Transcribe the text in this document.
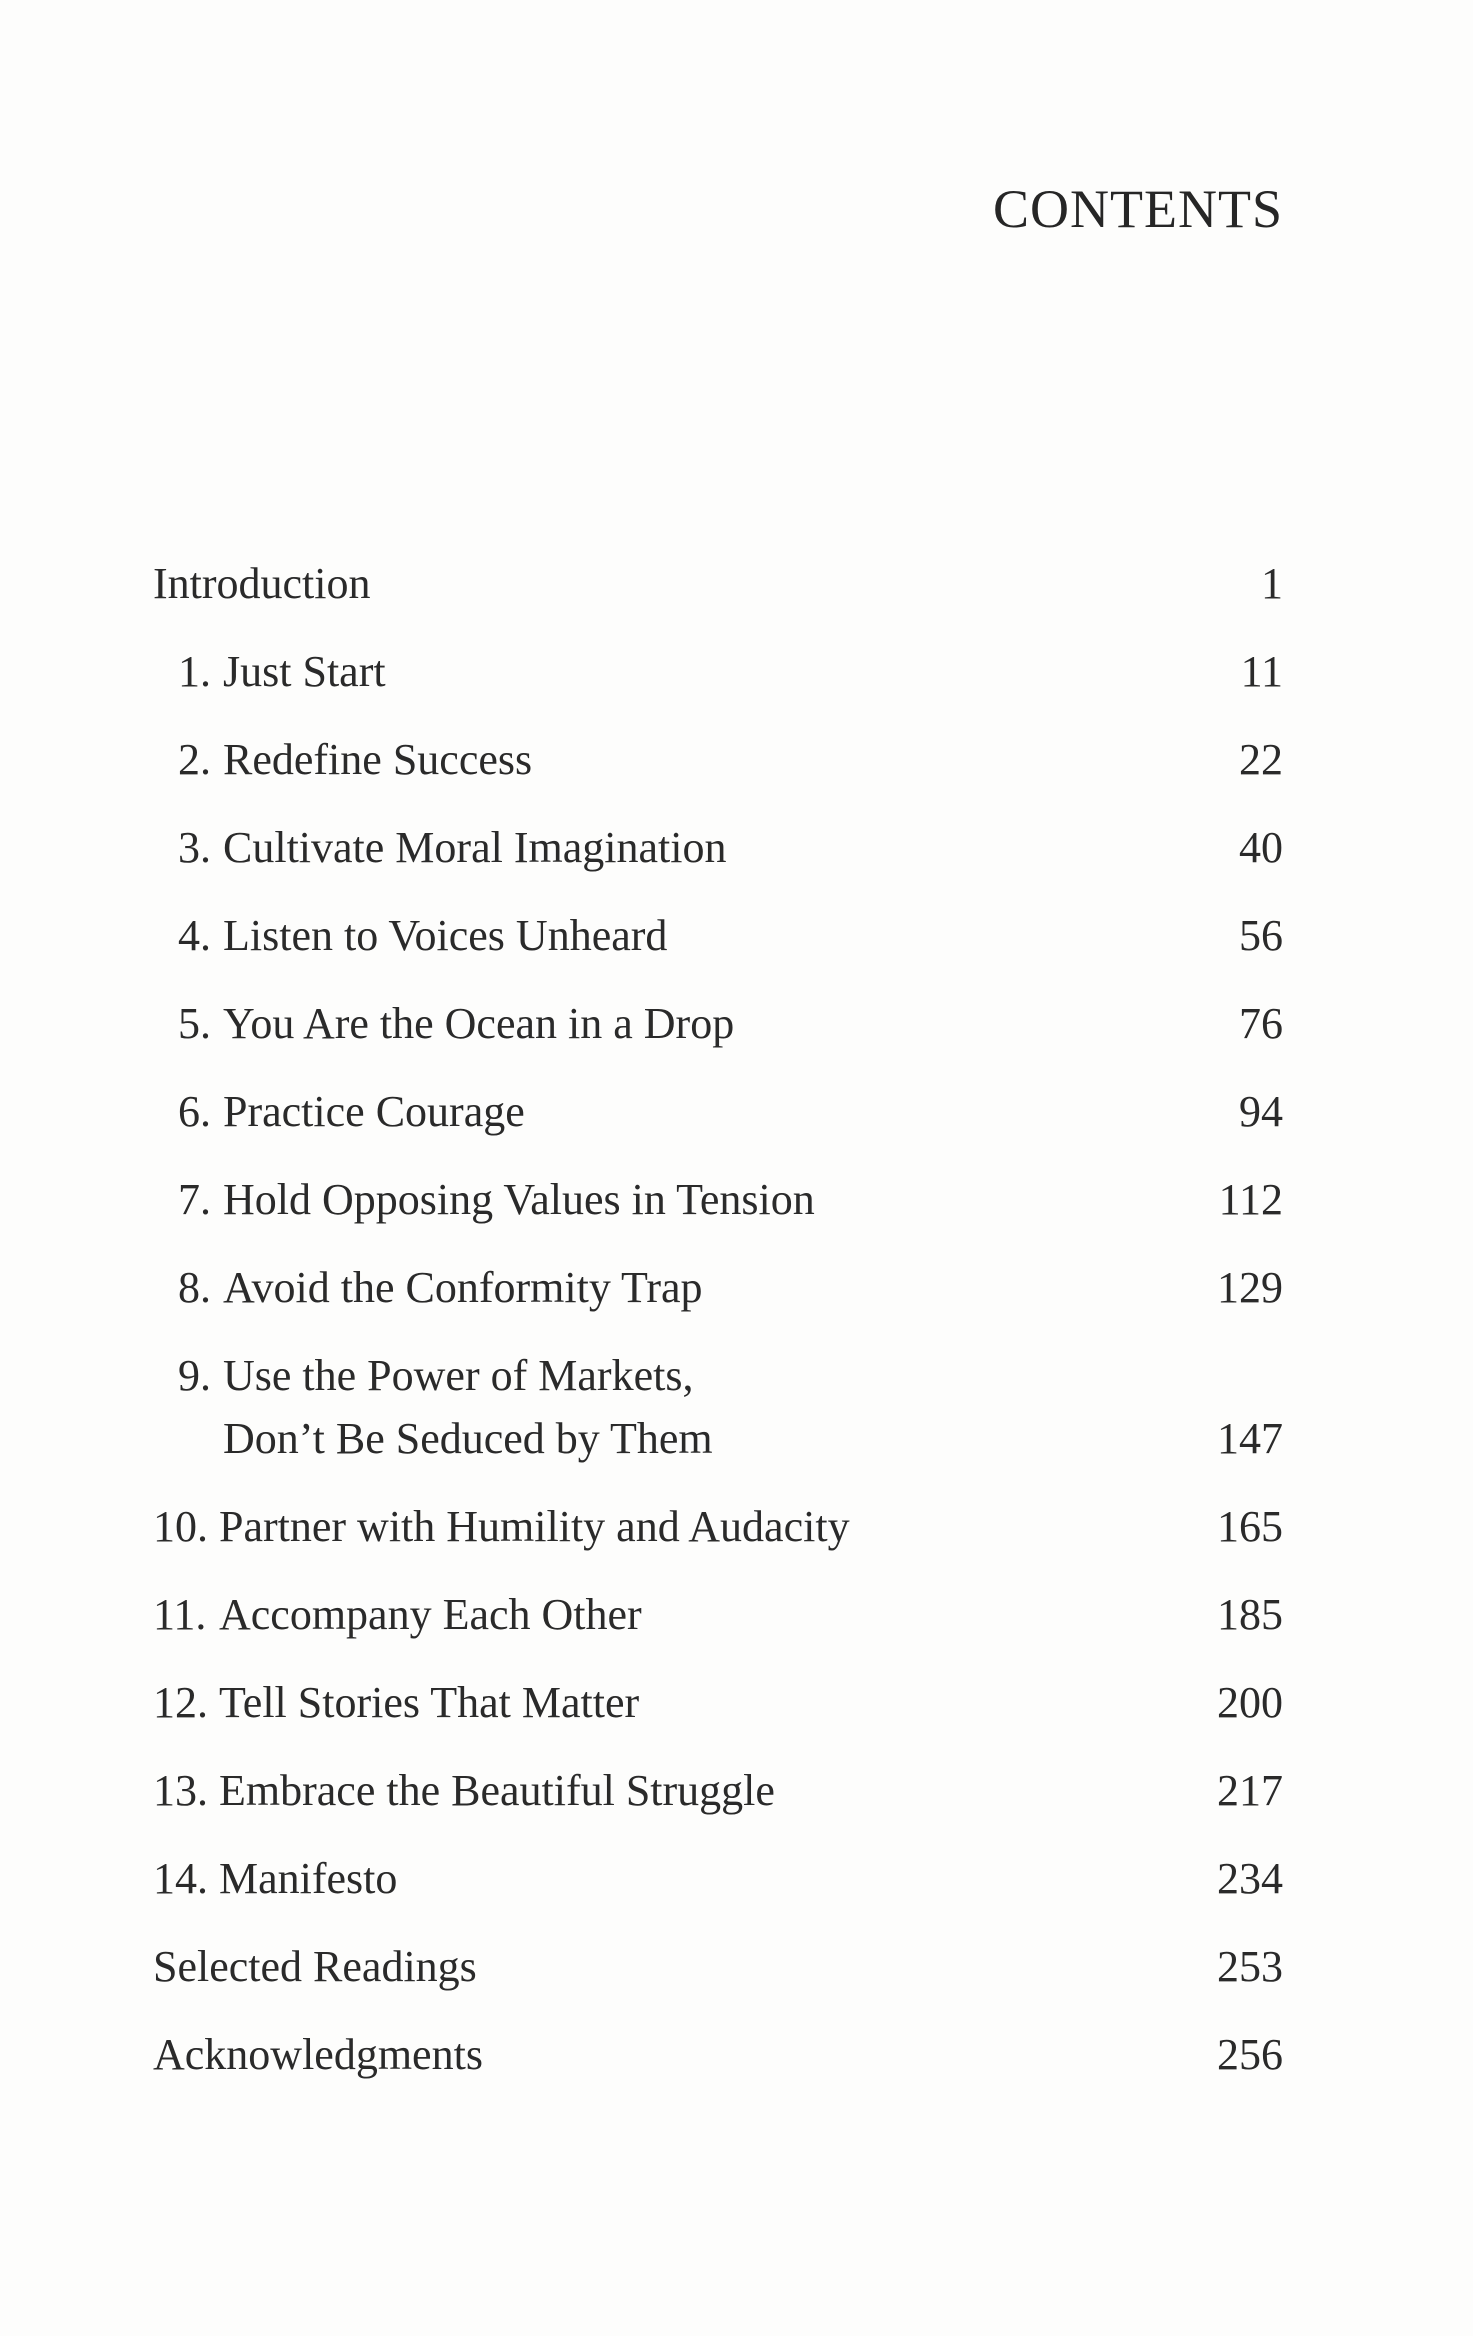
CONTENTS
Introduction	1
1. Just Start	11
2. Redefine Success	22
3. Cultivate Moral Imagination	40
4. Listen to Voices Unheard	56
5. You Are the Ocean in a Drop	76
6. Practice Courage	94
7. Hold Opposing Values in Tension	112
8. Avoid the Conformity Trap	129
9. Use the Power of Markets,
Don’t Be Seduced by Them	147
10. Partner with Humility and Audacity	165
11. Accompany Each Other	185
12. Tell Stories That Matter	200
13. Embrace the Beautiful Struggle	217
14. Manifesto	234
Selected Readings	253
Acknowledgments	256
